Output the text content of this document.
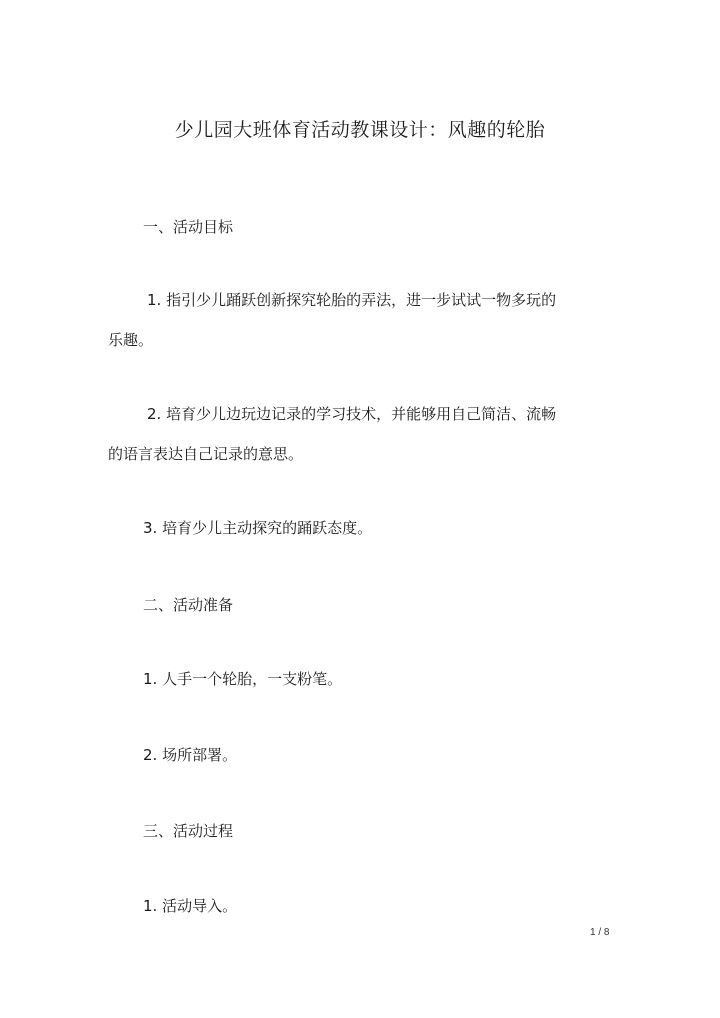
少儿园大班体育活动教课设计：风趣的轮胎
一、活动目标
1. 指引少儿踊跃创新探究轮胎的弄法，进一步试试一物多玩的
乐趣。
2. 培育少儿边玩边记录的学习技术，并能够用自己简洁、流畅
的语言表达自己记录的意思。
3. 培育少儿主动探究的踊跃态度。
二、活动准备
1. 人手一个轮胎，一支粉笔。
2. 场所部署。
三、活动过程
1. 活动导入。
1 / 8
